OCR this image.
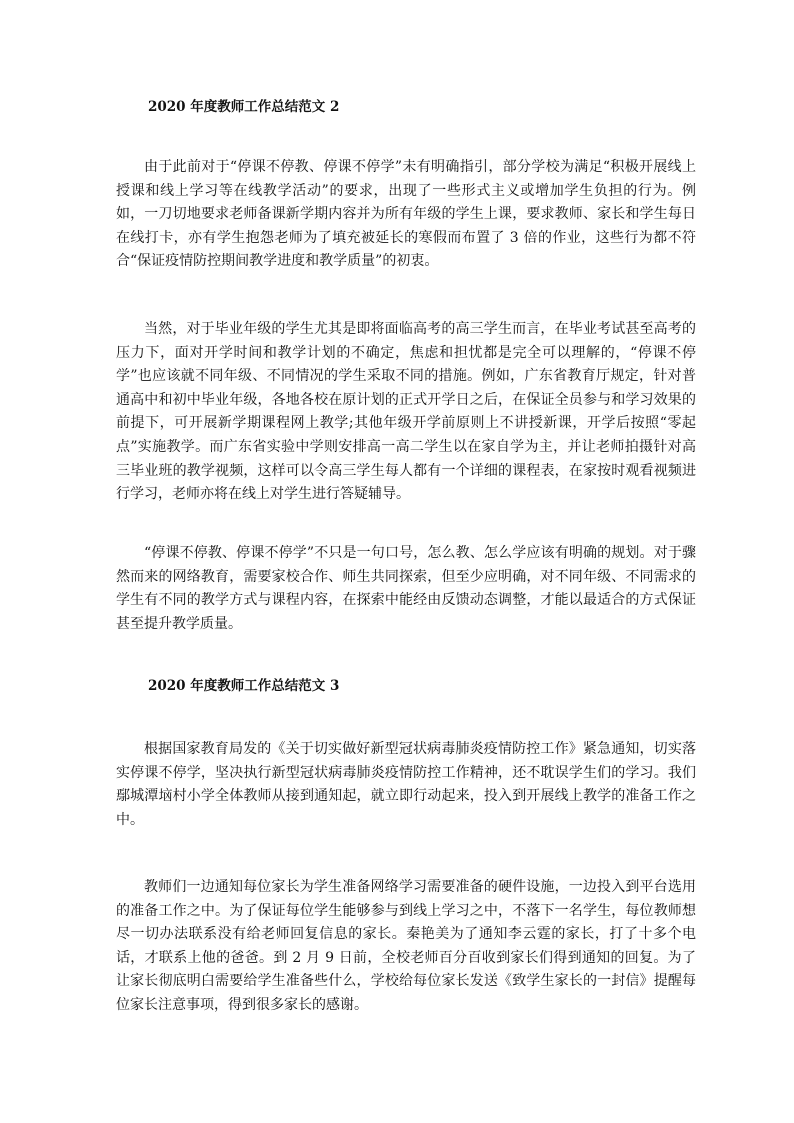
2020 年度教师工作总结范文 2

由于此前对于“停课不停教、停课不停学”未有明确指引，部分学校为满足“积极开展线上授课和线上学习等在线教学活动”的要求，出现了一些形式主义或增加学生负担的行为。例如，一刀切地要求老师备课新学期内容并为所有年级的学生上课，要求教师、家长和学生每日在线打卡，亦有学生抱怨老师为了填充被延长的寒假而布置了 3 倍的作业，这些行为都不符合“保证疫情防控期间教学进度和教学质量”的初衷。

当然，对于毕业年级的学生尤其是即将面临高考的高三学生而言，在毕业考试甚至高考的压力下，面对开学时间和教学计划的不确定，焦虑和担忧都是完全可以理解的，“停课不停学”也应该就不同年级、不同情况的学生采取不同的措施。例如，广东省教育厅规定，针对普通高中和初中毕业年级，各地各校在原计划的正式开学日之后，在保证全员参与和学习效果的前提下，可开展新学期课程网上教学;其他年级开学前原则上不讲授新课，开学后按照“零起点”实施教学。而广东省实验中学则安排高一高二学生以在家自学为主，并让老师拍摄针对高三毕业班的教学视频，这样可以令高三学生每人都有一个详细的课程表，在家按时观看视频进行学习，老师亦将在线上对学生进行答疑辅导。

“停课不停教、停课不停学”不只是一句口号，怎么教、怎么学应该有明确的规划。对于骤然而来的网络教育，需要家校合作、师生共同探索，但至少应明确，对不同年级、不同需求的学生有不同的教学方式与课程内容，在探索中能经由反馈动态调整，才能以最适合的方式保证甚至提升教学质量。

2020 年度教师工作总结范文 3

根据国家教育局发的《关于切实做好新型冠状病毒肺炎疫情防控工作》紧急通知，切实落实停课不停学，坚决执行新型冠状病毒肺炎疫情防控工作精神，还不耽误学生们的学习。我们鄢城潭垴村小学全体教师从接到通知起，就立即行动起来，投入到开展线上教学的准备工作之中。

教师们一边通知每位家长为学生准备网络学习需要准备的硬件设施，一边投入到平台选用的准备工作之中。为了保证每位学生能够参与到线上学习之中，不落下一名学生，每位教师想尽一切办法联系没有给老师回复信息的家长。秦艳美为了通知李云霆的家长，打了十多个电话，才联系上他的爸爸。到 2 月 9 日前，全校老师百分百收到家长们得到通知的回复。为了让家长彻底明白需要给学生准备些什么，学校给每位家长发送《致学生家长的一封信》提醒每位家长注意事项，得到很多家长的感谢。
